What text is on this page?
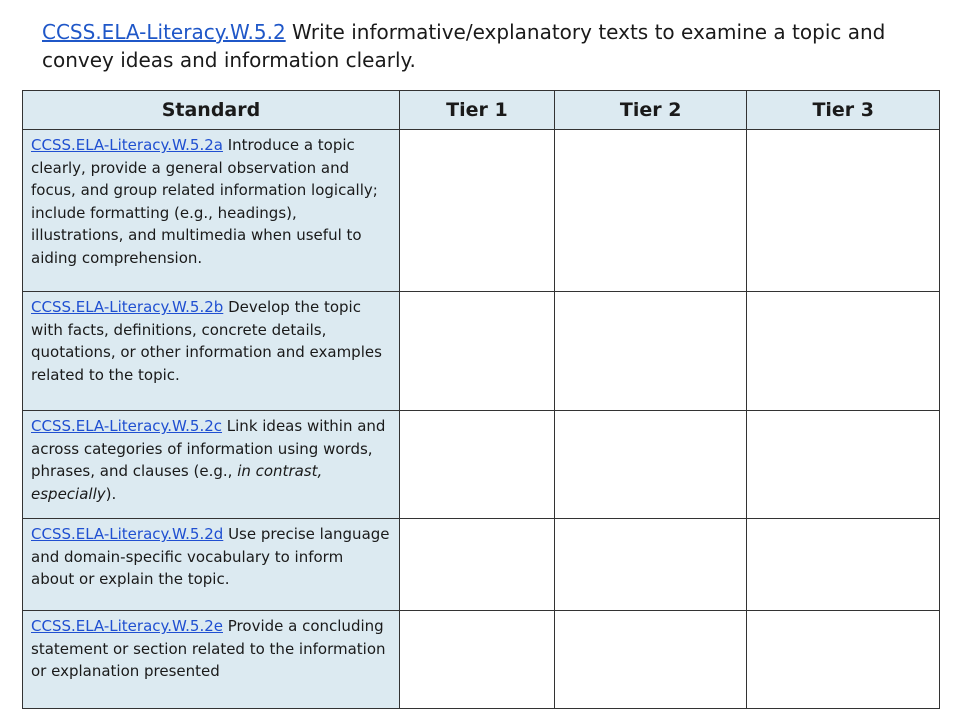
CCSS.ELA-Literacy.W.5.2 Write informative/explanatory texts to examine a topic and convey ideas and information clearly.
Standard	Tier 1	Tier 2	Tier 3
CCSS.ELA-Literacy.W.5.2a Introduce a topic clearly, provide a general observation and focus, and group related information logically; include formatting (e.g., headings), illustrations, and multimedia when useful to aiding comprehension.			
CCSS.ELA-Literacy.W.5.2b Develop the topic with facts, definitions, concrete details, quotations, or other information and examples related to the topic.			
CCSS.ELA-Literacy.W.5.2c Link ideas within and across categories of information using words, phrases, and clauses (e.g., in contrast, especially).			
CCSS.ELA-Literacy.W.5.2d Use precise language and domain-specific vocabulary to inform about or explain the topic.			
CCSS.ELA-Literacy.W.5.2e Provide a concluding statement or section related to the information or explanation presented			
